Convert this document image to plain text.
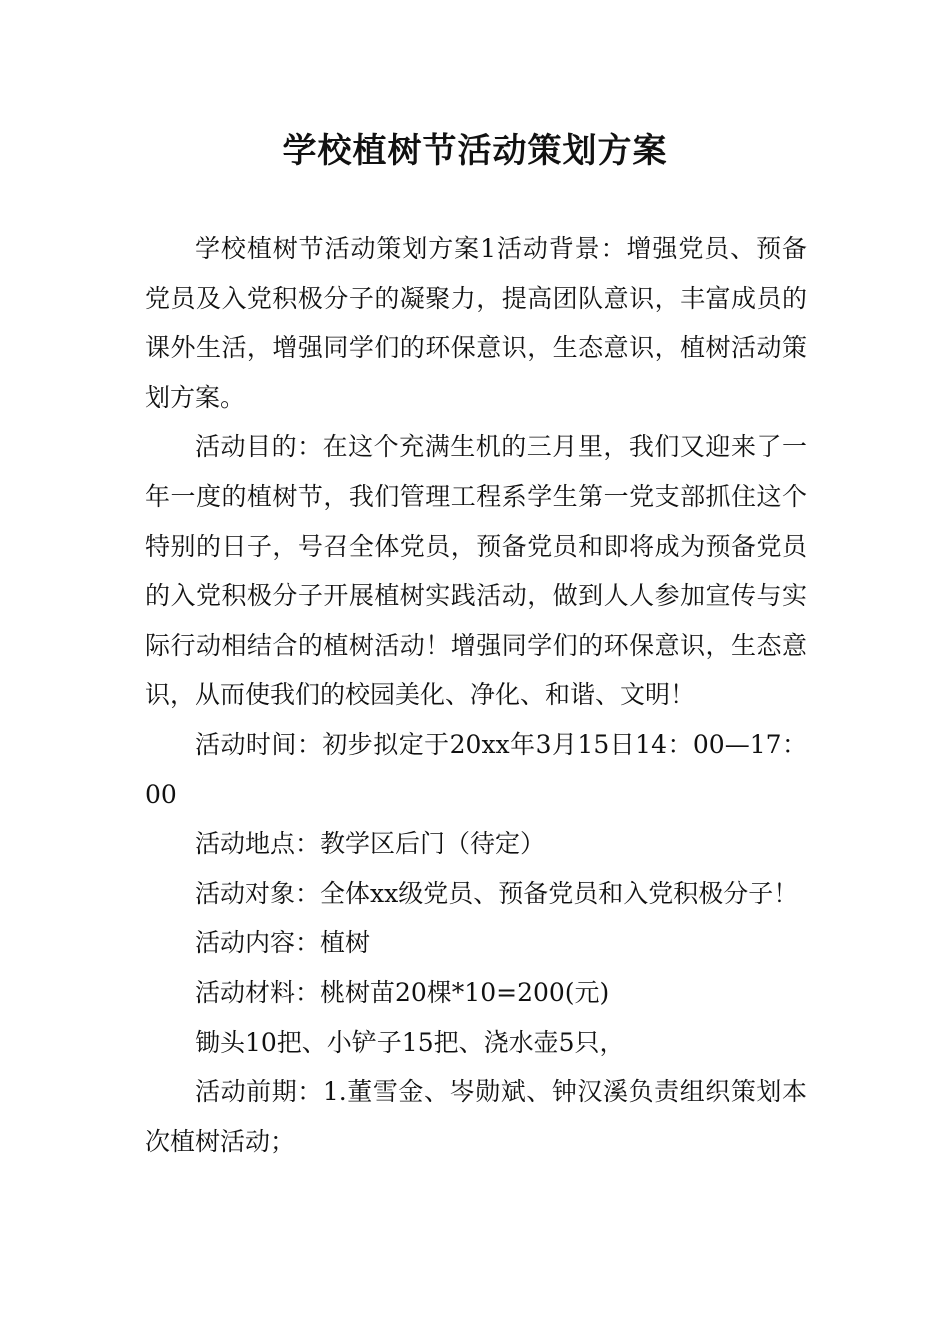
学校植树节活动策划方案

学校植树节活动策划方案1活动背景：增强党员、预备党员及入党积极分子的凝聚力，提高团队意识，丰富成员的课外生活，增强同学们的环保意识，生态意识，植树活动策划方案。

活动目的：在这个充满生机的三月里，我们又迎来了一年一度的植树节，我们管理工程系学生第一党支部抓住这个特别的日子，号召全体党员，预备党员和即将成为预备党员的入党积极分子开展植树实践活动，做到人人参加宣传与实际行动相结合的植树活动！增强同学们的环保意识，生态意识，从而使我们的校园美化、净化、和谐、文明！

活动时间：初步拟定于20xx年3月15日14：00—17：00

活动地点：教学区后门（待定）

活动对象：全体xx级党员、预备党员和入党积极分子！

活动内容：植树

活动材料：桃树苗20棵*10=200(元)

锄头10把、小铲子15把、浇水壶5只，

活动前期：1.董雪金、岑勋斌、钟汉溪负责组织策划本次植树活动；
